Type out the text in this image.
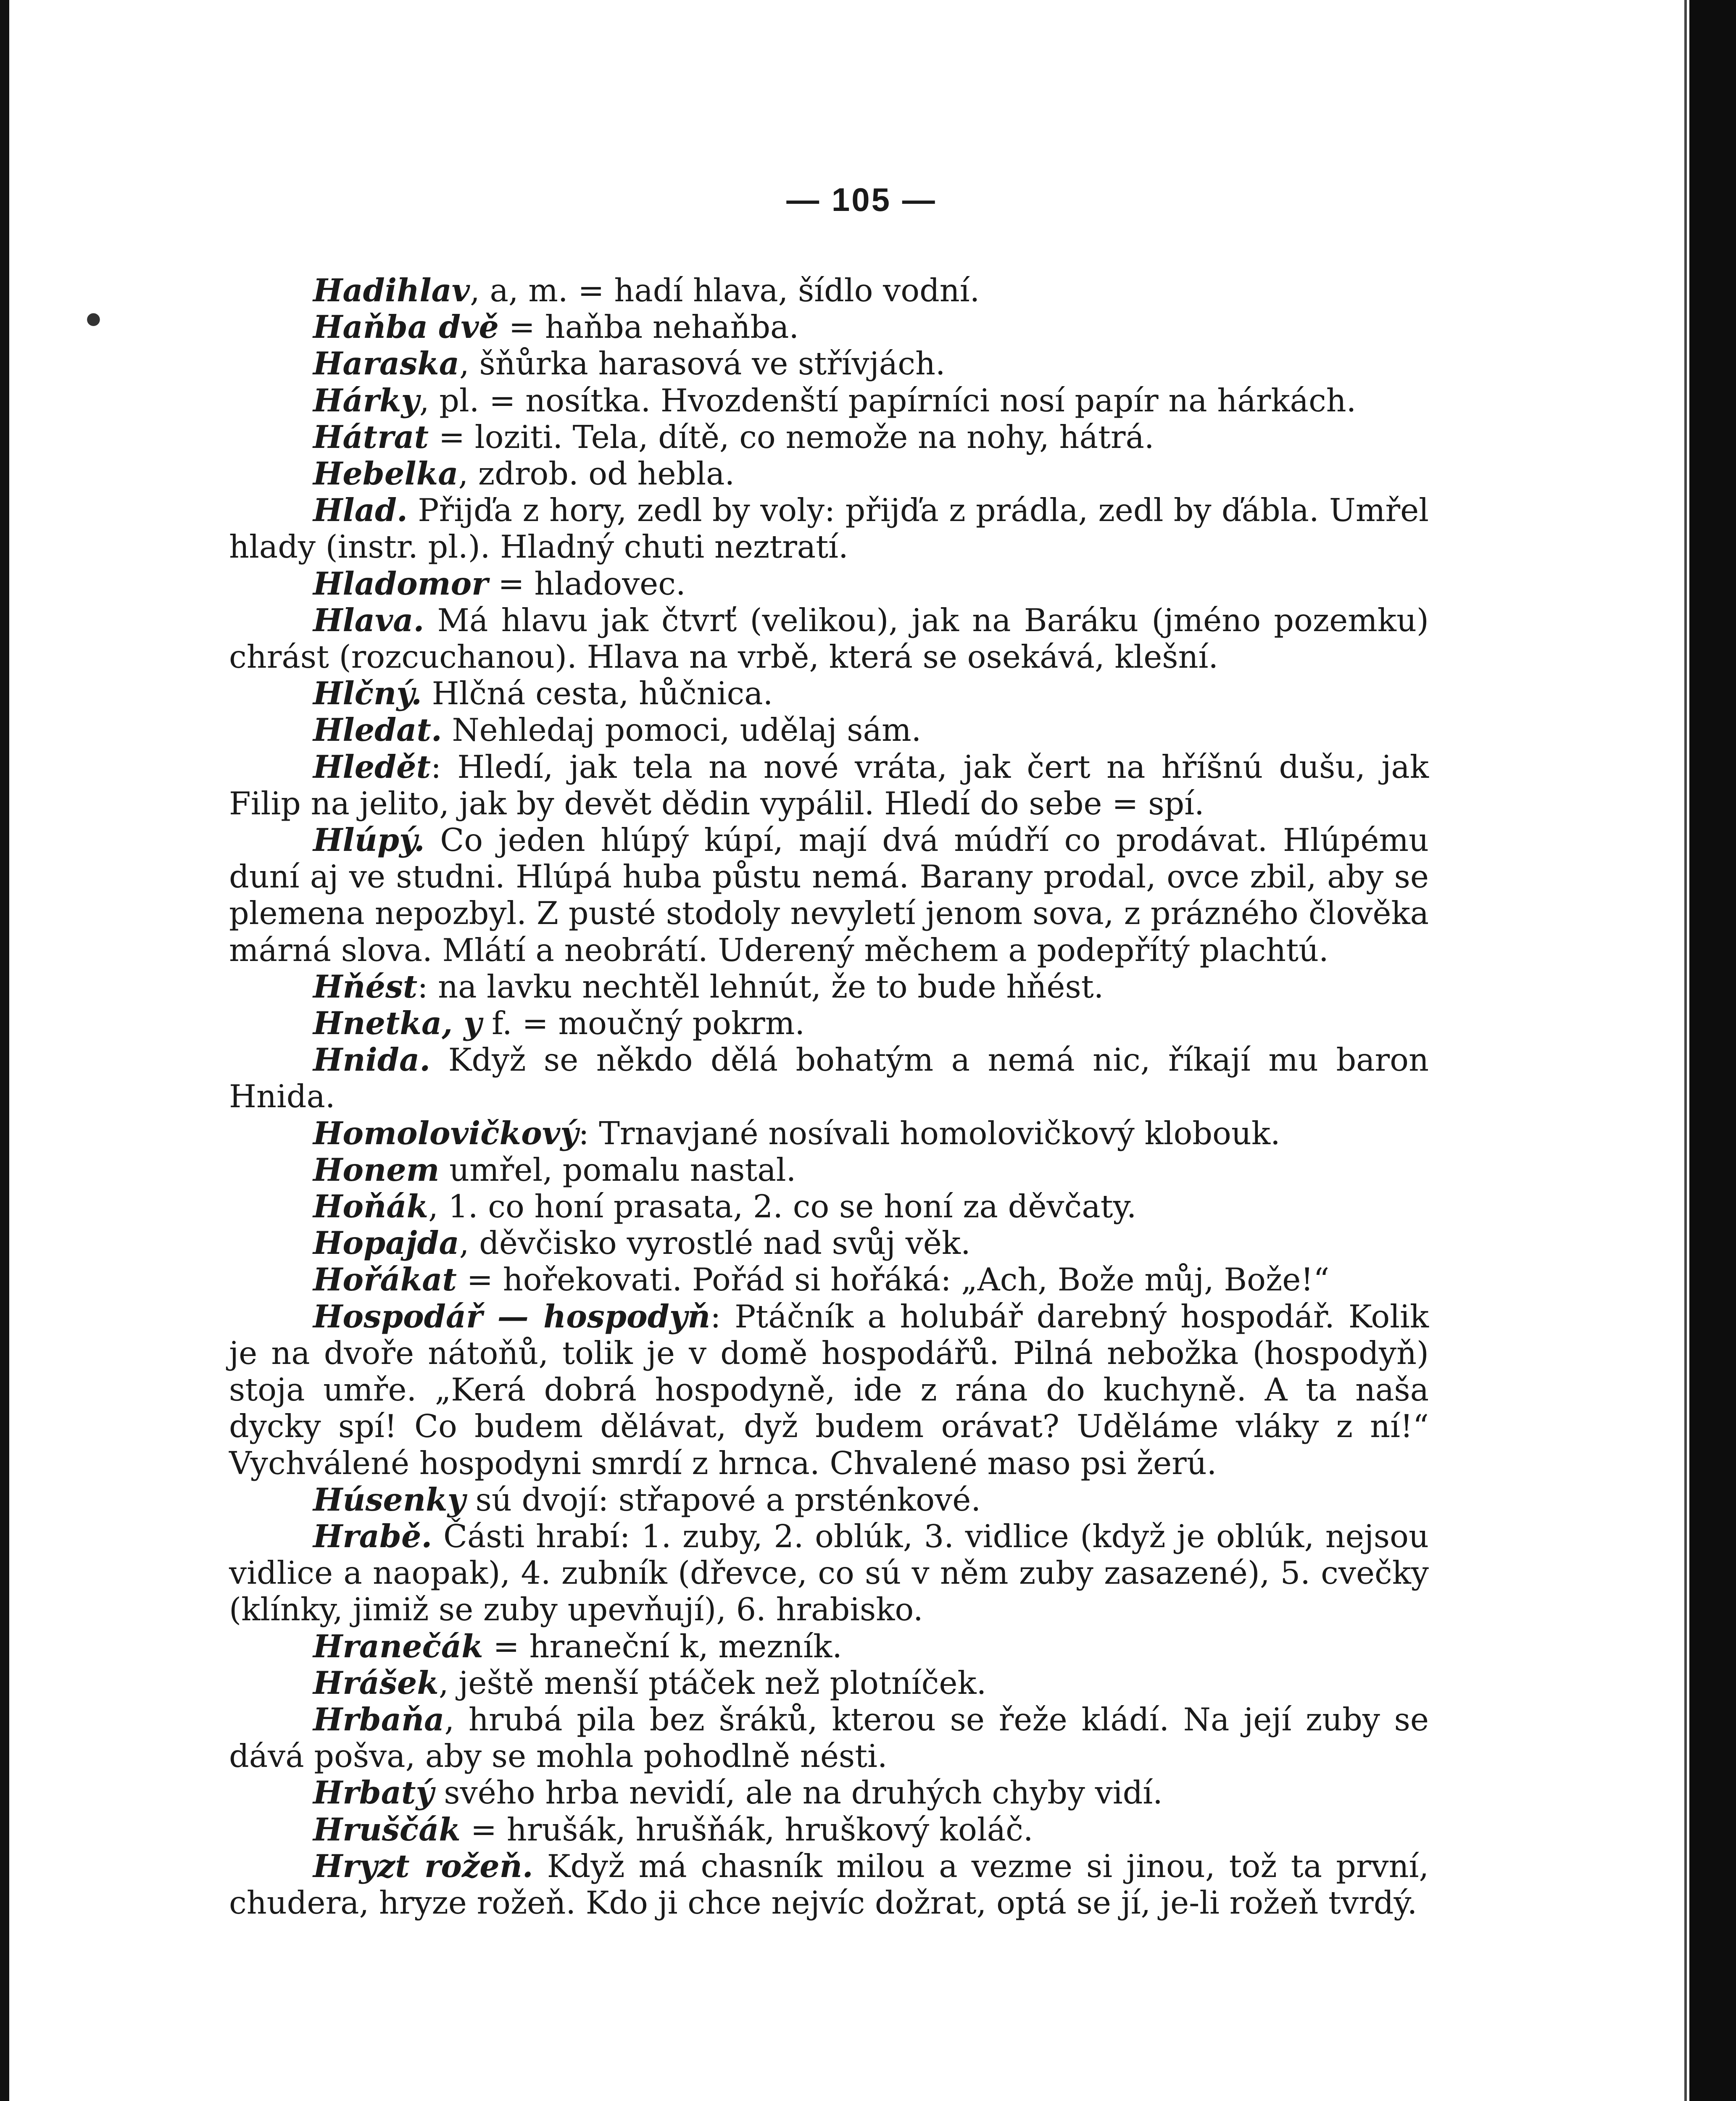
●
— 105 —

Hadihlav, a, m. = hadí hlava, šídlo vodní.

Haňba dvě = haňba nehaňba.

Haraska, šňůrka harasová ve střívjách.

Hárky, pl. = nosítka. Hvozdenští papírníci nosí papír na hárkách.

Hátrat = loziti. Tela, dítě, co nemože na nohy, hátrá.

Hebelka, zdrob. od hebla.

Hlad. Přijďa z hory, zedl by voly: přijďa z prádla, zedl by ďábla. Umřel hlady (instr. pl.). Hladný chuti neztratí.

Hladomor = hladovec.

Hlava. Má hlavu jak čtvrť (velikou), jak na Baráku (jméno pozemku) chrást (rozcuchanou). Hlava na vrbě, která se osekává, klešní.

Hlčný. Hlčná cesta, hůčnica.

Hledat. Nehledaj pomoci, udělaj sám.

Hledět: Hledí, jak tela na nové vráta, jak čert na hříšnú dušu, jak Filip na jelito, jak by devět dědin vypálil. Hledí do sebe = spí.

Hlúpý. Co jeden hlúpý kúpí, mají dvá múdří co prodávat. Hlúpému duní aj ve studni. Hlúpá huba půstu nemá. Barany prodal, ovce zbil, aby se plemena nepozbyl. Z pusté stodoly nevyletí jenom sova, z prázného člověka márná slova. Mlátí a neobrátí. Uderený měchem a podepřítý plachtú.

Hňést: na lavku nechtěl lehnút, že to bude hňést.

Hnetka, y f. = moučný pokrm.

Hnida. Když se někdo dělá bohatým a nemá nic, říkají mu baron Hnida.

Homolovičkový: Trnavjané nosívali homolovičkový klobouk.

Honem umřel, pomalu nastal.

Hoňák, 1. co honí prasata, 2. co se honí za děvčaty.

Hopajda, děvčisko vyrostlé nad svůj věk.

Hořákat = hořekovati. Pořád si hořáká: „Ach, Bože můj, Bože!“

Hospodář — hospodyň: Ptáčník a holubář darebný hospodář. Kolik je na dvoře nátoňů, tolik je v domě hospodářů. Pilná nebožka (hospodyň) stoja umře. „Kerá dobrá hospodyně, ide z rána do kuchyně. A ta naša dycky spí! Co budem dělávat, dyž budem orávat? Uděláme vláky z ní!“ Vychválené hospodyni smrdí z hrnca. Chvalené maso psi žerú.

Húsenky sú dvojí: střapové a prsténkové.

Hrabě. Části hrabí: 1. zuby, 2. oblúk, 3. vidlice (když je oblúk, nejsou vidlice a naopak), 4. zubník (dřevce, co sú v něm zuby zasazené), 5. cvečky (klínky, jimiž se zuby upevňují), 6. hrabisko.

Hranečák = hraneční k, mezník.

Hrášek, ještě menší ptáček než plotníček.

Hrbaňa, hrubá pila bez šráků, kterou se řeže kládí. Na její zuby se dává pošva, aby se mohla pohodlně nésti.

Hrbatý svého hrba nevidí, ale na druhých chyby vidí.

Hruščák = hrušák, hrušňák, hruškový koláč.

Hryzt rožeň. Když má chasník milou a vezme si jinou, tož ta první, chudera, hryze rožeň. Kdo ji chce nejvíc dožrat, optá se jí, je-li rožeň tvrdý.
